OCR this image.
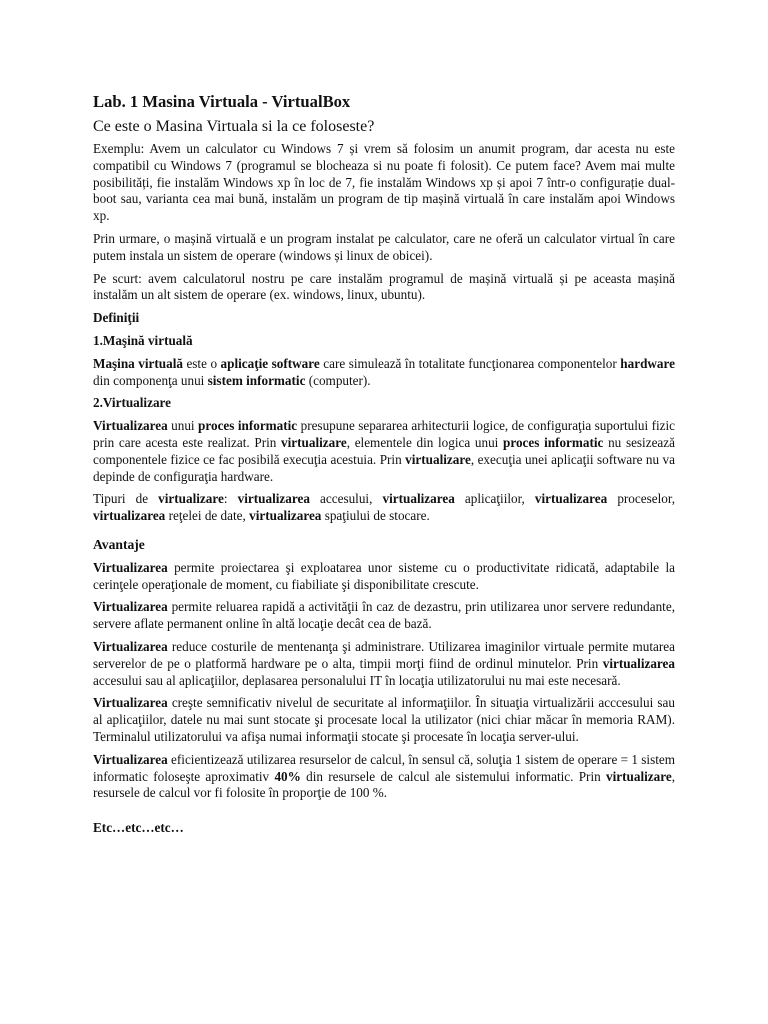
Lab. 1 Masina Virtuala - VirtualBox
Ce este o Masina Virtuala si la ce foloseste?

Exemplu: Avem un calculator cu Windows 7 și vrem să folosim un anumit program, dar acesta nu este compatibil cu Windows 7 (programul se blocheaza si nu poate fi folosit). Ce putem face? Avem mai multe posibilități, fie instalăm Windows xp în loc de 7, fie instalăm Windows xp și apoi 7 într-o configurație dual-boot sau, varianta cea mai bună, instalăm un program de tip mașină virtuală în care instalăm apoi Windows xp.

Prin urmare, o mașină virtuală e un program instalat pe calculator, care ne oferă un calculator virtual în care putem instala un sistem de operare (windows și linux de obicei).

Pe scurt: avem calculatorul nostru pe care instalăm programul de mașină virtuală și pe aceasta mașină instalăm un alt sistem de operare (ex. windows, linux, ubuntu).

Definiţii
1.Maşină virtuală

Maşina virtuală este o aplicaţie software care simulează în totalitate funcţionarea componentelor hardware din componenţa unui sistem informatic (computer).

2.Virtualizare

Virtualizarea unui proces informatic presupune separarea arhitecturii logice, de configuraţia suportului fizic prin care acesta este realizat. Prin virtualizare, elementele din logica unui proces informatic nu sesizează componentele fizice ce fac posibilă execuţia acestuia. Prin virtualizare, execuţia unei aplicaţii software nu va depinde de configuraţia hardware.

Tipuri de virtualizare: virtualizarea accesului, virtualizarea aplicaţiilor, virtualizarea proceselor, virtualizarea reţelei de date, virtualizarea spaţiului de stocare.

Avantaje

Virtualizarea permite proiectarea şi exploatarea unor sisteme cu o productivitate ridicată, adaptabile la cerinţele operaţionale de moment, cu fiabiliate şi disponibilitate crescute.

Virtualizarea permite reluarea rapidă a activităţii în caz de dezastru, prin utilizarea unor servere redundante, servere aflate permanent online în altă locaţie decât cea de bază.

Virtualizarea reduce costurile de mentenanţa şi administrare. Utilizarea imaginilor virtuale permite mutarea serverelor de pe o platformă hardware pe o alta, timpii morţi fiind de ordinul minutelor. Prin virtualizarea accesului sau al aplicaţiilor, deplasarea personalului IT în locaţia utilizatorului nu mai este necesară.

Virtualizarea creşte semnificativ nivelul de securitate al informaţiilor. În situaţia virtualizării acccesului sau al aplicaţiilor, datele nu mai sunt stocate şi procesate local la utilizator (nici chiar măcar în memoria RAM). Terminalul utilizatorului va afişa numai informaţii stocate şi procesate în locaţia server-ului.

Virtualizarea eficientizează utilizarea resurselor de calcul, în sensul că, soluţia 1 sistem de operare = 1 sistem informatic foloseşte aproximativ 40% din resursele de calcul ale sistemului informatic. Prin virtualizare, resursele de calcul vor fi folosite în proporţie de 100 %.

Etc…etc…etc…
